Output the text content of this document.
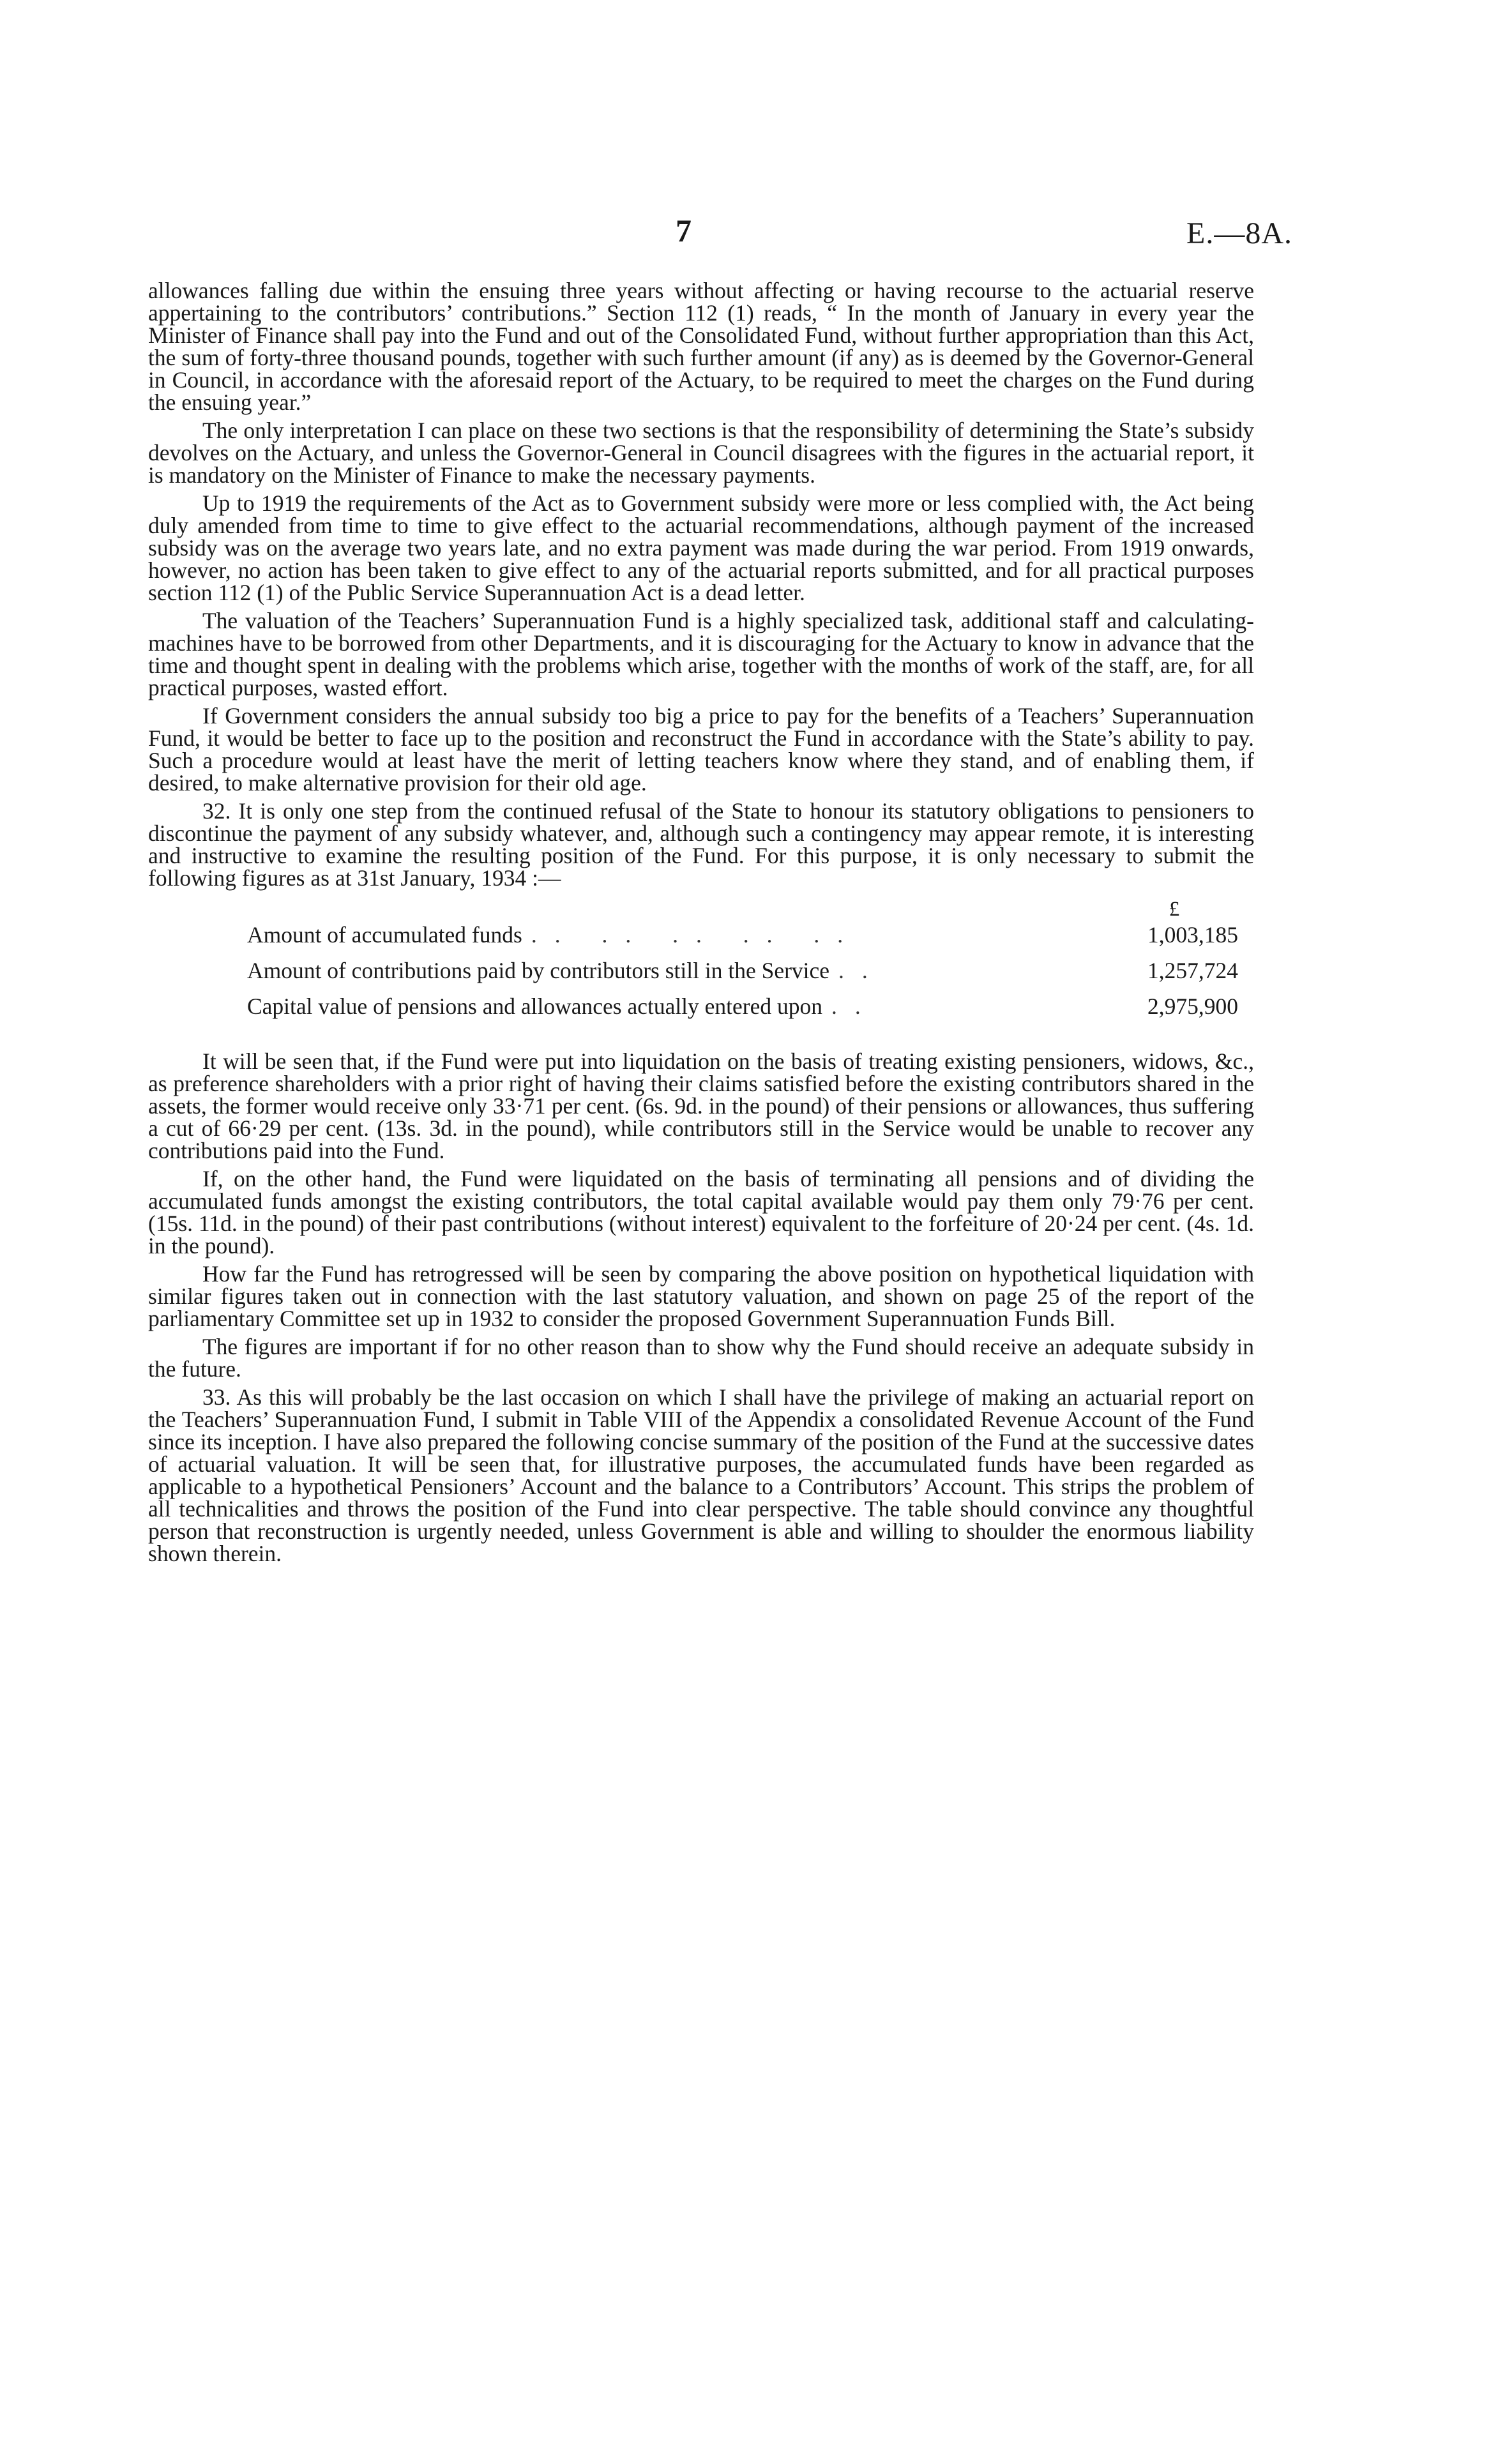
7	E.—8A.

allowances falling due within the ensuing three years without affecting or having recourse to the actuarial reserve appertaining to the contributors’ contributions.” Section 112 (1) reads, “ In the month of January in every year the Minister of Finance shall pay into the Fund and out of the Consolidated Fund, without further appropriation than this Act, the sum of forty-three thousand pounds, together with such further amount (if any) as is deemed by the Governor-General in Council, in accordance with the aforesaid report of the Actuary, to be required to meet the charges on the Fund during the ensuing year.”

The only interpretation I can place on these two sections is that the responsibility of determining the State’s subsidy devolves on the Actuary, and unless the Governor-General in Council disagrees with the figures in the actuarial report, it is mandatory on the Minister of Finance to make the necessary payments.

Up to 1919 the requirements of the Act as to Government subsidy were more or less complied with, the Act being duly amended from time to time to give effect to the actuarial recommendations, although payment of the increased subsidy was on the average two years late, and no extra payment was made during the war period. From 1919 onwards, however, no action has been taken to give effect to any of the actuarial reports submitted, and for all practical purposes section 112 (1) of the Public Service Superannuation Act is a dead letter.

The valuation of the Teachers’ Superannuation Fund is a highly specialized task, additional staff and calculating-machines have to be borrowed from other Departments, and it is discouraging for the Actuary to know in advance that the time and thought spent in dealing with the problems which arise, together with the months of work of the staff, are, for all practical purposes, wasted effort.

If Government considers the annual subsidy too big a price to pay for the benefits of a Teachers’ Superannuation Fund, it would be better to face up to the position and reconstruct the Fund in accordance with the State’s ability to pay. Such a procedure would at least have the merit of letting teachers know where they stand, and of enabling them, if desired, to make alternative provision for their old age.

32. It is only one step from the continued refusal of the State to honour its statutory obligations to pensioners to discontinue the payment of any subsidy whatever, and, although such a contingency may appear remote, it is interesting and instructive to examine the resulting position of the Fund. For this purpose, it is only necessary to submit the following figures as at 31st January, 1934 :—

£
Amount of accumulated funds .. .. .. .. ..	1,003,185
Amount of contributions paid by contributors still in the Service ..	1,257,724
Capital value of pensions and allowances actually entered upon ..	2,975,900

It will be seen that, if the Fund were put into liquidation on the basis of treating existing pensioners, widows, &c., as preference shareholders with a prior right of having their claims satisfied before the existing contributors shared in the assets, the former would receive only 33·71 per cent. (6s. 9d. in the pound) of their pensions or allowances, thus suffering a cut of 66·29 per cent. (13s. 3d. in the pound), while contributors still in the Service would be unable to recover any contributions paid into the Fund.

If, on the other hand, the Fund were liquidated on the basis of terminating all pensions and of dividing the accumulated funds amongst the existing contributors, the total capital available would pay them only 79·76 per cent. (15s. 11d. in the pound) of their past contributions (without interest) equivalent to the forfeiture of 20·24 per cent. (4s. 1d. in the pound).

How far the Fund has retrogressed will be seen by comparing the above position on hypothetical liquidation with similar figures taken out in connection with the last statutory valuation, and shown on page 25 of the report of the parliamentary Committee set up in 1932 to consider the proposed Government Superannuation Funds Bill.

The figures are important if for no other reason than to show why the Fund should receive an adequate subsidy in the future.

33. As this will probably be the last occasion on which I shall have the privilege of making an actuarial report on the Teachers’ Superannuation Fund, I submit in Table VIII of the Appendix a consolidated Revenue Account of the Fund since its inception. I have also prepared the following concise summary of the position of the Fund at the successive dates of actuarial valuation. It will be seen that, for illustrative purposes, the accumulated funds have been regarded as applicable to a hypothetical Pensioners’ Account and the balance to a Contributors’ Account. This strips the problem of all technicalities and throws the position of the Fund into clear perspective. The table should convince any thoughtful person that reconstruction is urgently needed, unless Government is able and willing to shoulder the enormous liability shown therein.
